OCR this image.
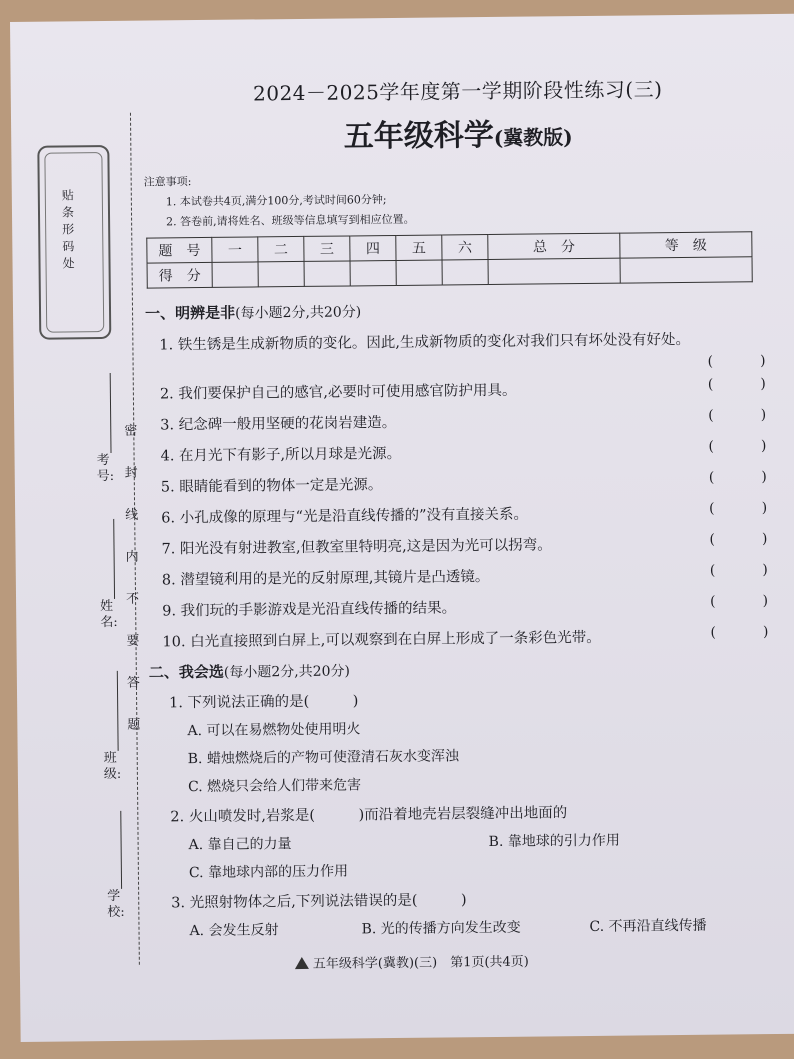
贴条形码处
考号:
姓名:
班级:
学校:
密封线内不要答题
2024－2025学年度第一学期阶段性练习(三)
五年级科学(冀教版)
注意事项:
1. 本试卷共4页,满分100分,考试时间60分钟;
2. 答卷前,请将姓名、班级等信息填写到相应位置。
题　号	一	二	三	四	五	六	总　分	等　级
得　分								
一、明辨是非(每小题2分,共20分)
1. 铁生锈是生成新物质的变化。因此,生成新物质的变化对我们只有坏处没有好处。
(	)
2. 我们要保护自己的感官,必要时可使用感官防护用具。	(	)
3. 纪念碑一般用坚硬的花岗岩建造。	(	)
4. 在月光下有影子,所以月球是光源。	(	)
5. 眼睛能看到的物体一定是光源。	(	)
6. 小孔成像的原理与“光是沿直线传播的”没有直接关系。	(	)
7. 阳光没有射进教室,但教室里特明亮,这是因为光可以拐弯。	(	)
8. 潜望镜利用的是光的反射原理,其镜片是凸透镜。	(	)
9. 我们玩的手影游戏是光沿直线传播的结果。	(	)
10. 白光直接照到白屏上,可以观察到在白屏上形成了一条彩色光带。	(	)
二、我会选(每小题2分,共20分)
1. 下列说法正确的是(　　　)
A. 可以在易燃物处使用明火
B. 蜡烛燃烧后的产物可使澄清石灰水变浑浊
C. 燃烧只会给人们带来危害
2. 火山喷发时,岩浆是(　　　)而沿着地壳岩层裂缝冲出地面的
A. 靠自己的力量	B. 靠地球的引力作用
C. 靠地球内部的压力作用
3. 光照射物体之后,下列说法错误的是(　　　)
A. 会发生反射	B. 光的传播方向发生改变	C. 不再沿直线传播
五年级科学(冀教)(三)　第1页(共4页)
